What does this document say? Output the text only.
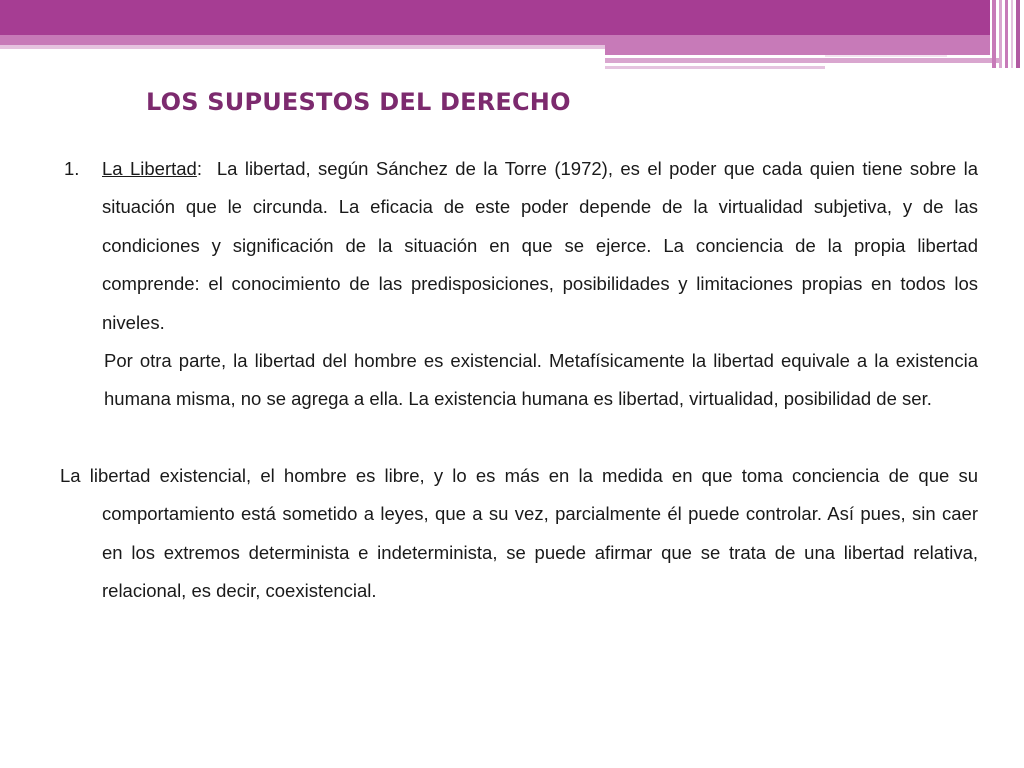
LOS SUPUESTOS DEL DERECHO
1. La Libertad:  La libertad, según Sánchez de la Torre (1972), es el poder que cada quien tiene sobre la situación que le circunda. La eficacia de este poder depende de la virtualidad subjetiva, y de las condiciones y significación de la situación en que se ejerce. La conciencia de la propia libertad comprende: el conocimiento de las predisposiciones, posibilidades y limitaciones propias en todos los niveles.

Por otra parte, la libertad del hombre es existencial. Metafísicamente la libertad equivale a la existencia humana misma, no se agrega a ella. La existencia humana es libertad, virtualidad, posibilidad de ser.

La libertad existencial, el hombre es libre, y lo es más en la medida en que toma conciencia de que su comportamiento está sometido a leyes, que a su vez, parcialmente él puede controlar. Así pues, sin caer en los extremos determinista e indeterminista, se puede afirmar que se trata de una libertad relativa, relacional, es decir, coexistencial.
